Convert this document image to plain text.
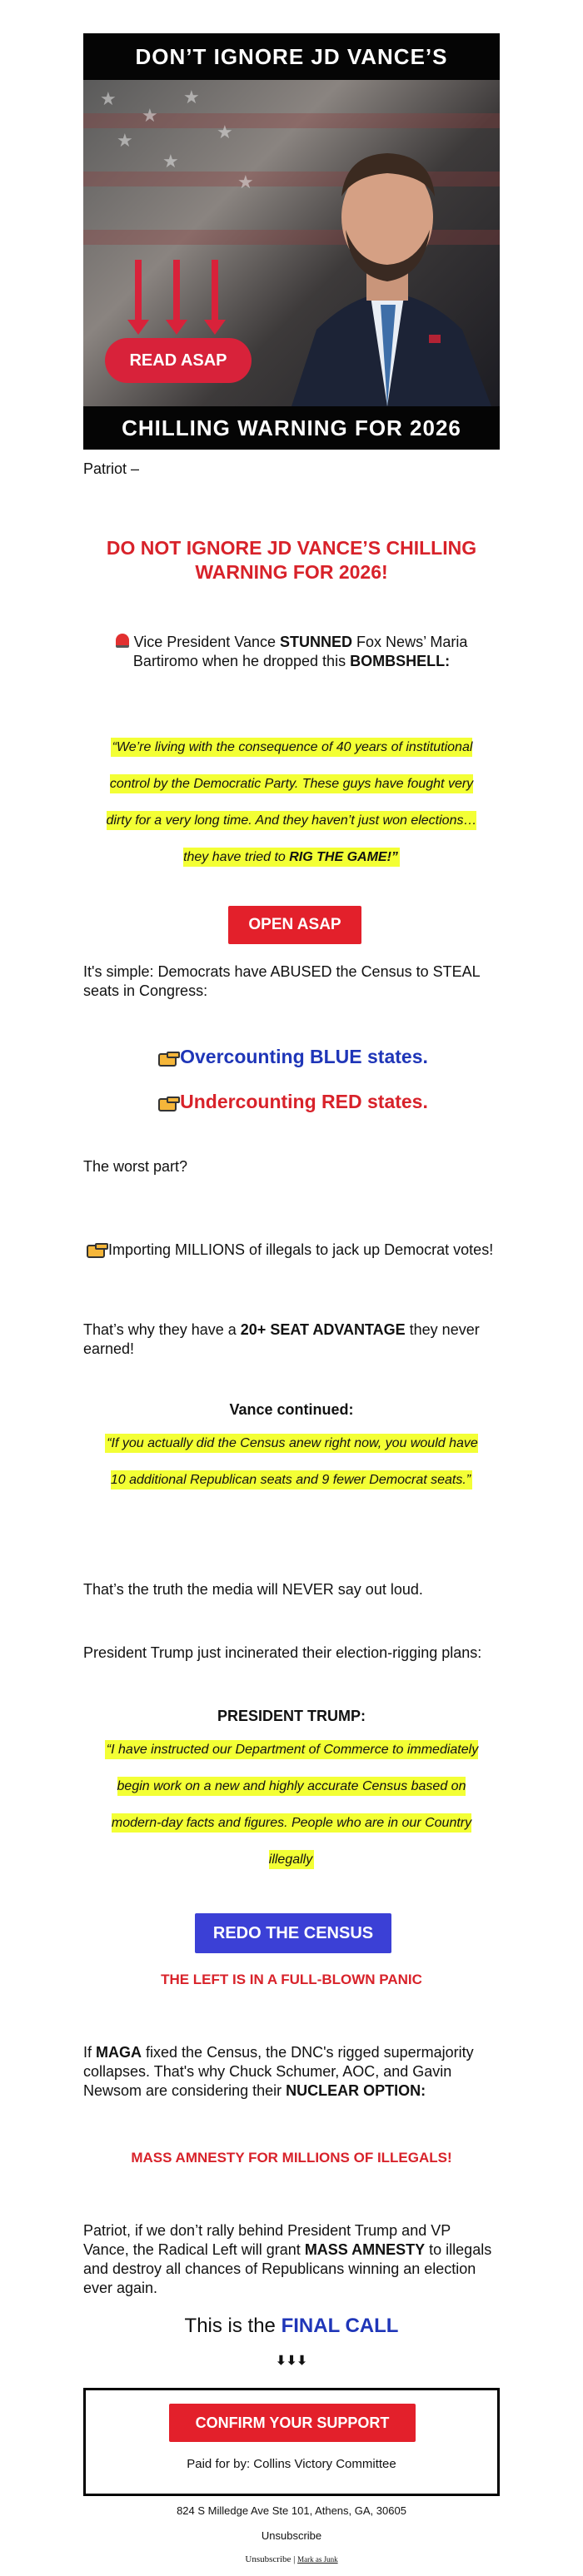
★
★
★
★
★
★
★
READ ASAP
DON’T IGNORE JD VANCE’S
CHILLING WARNING FOR 2026
Patriot –
DO NOT IGNORE JD VANCE’S CHILLING WARNING FOR 2026!
Vice President Vance STUNNED Fox News’ Maria Bartiromo when he dropped this BOMBSHELL:
“We’re living with the consequence of 40 years of institutional control by the Democratic Party. These guys have fought very dirty for a very long time. And they haven’t just won elections… they have tried to RIG THE GAME!”
OPEN ASAP
It's simple: Democrats have ABUSED the Census to STEAL seats in Congress:
Overcounting BLUE states.
Undercounting RED states.
The worst part?
Importing MILLIONS of illegals to jack up Democrat votes!
That’s why they have a 20+ SEAT ADVANTAGE they never earned!
Vance continued:
“If you actually did the Census anew right now, you would have 10 additional Republican seats and 9 fewer Democrat seats.”
That’s the truth the media will NEVER say out loud.
President Trump just incinerated their election-rigging plans:
PRESIDENT TRUMP:
“I have instructed our Department of Commerce to immediately begin work on a new and highly accurate Census based on modern-day facts and figures. People who are in our Country illegally
REDO THE CENSUS
THE LEFT IS IN A FULL-BLOWN PANIC
If MAGA fixed the Census, the DNC's rigged supermajority collapses. That's why Chuck Schumer, AOC, and Gavin Newsom are considering their NUCLEAR OPTION:
MASS AMNESTY FOR MILLIONS OF ILLEGALS!
Patriot, if we don’t rally behind President Trump and VP Vance, the Radical Left will grant MASS AMNESTY to illegals and destroy all chances of Republicans winning an election ever again.
This is the FINAL CALL
⬇⬇⬇
CONFIRM YOUR SUPPORT
Paid for by: Collins Victory Committee
824 S Milledge Ave Ste 101, Athens, GA, 30605
Unsubscribe
Unsubscribe | Mark as Junk
